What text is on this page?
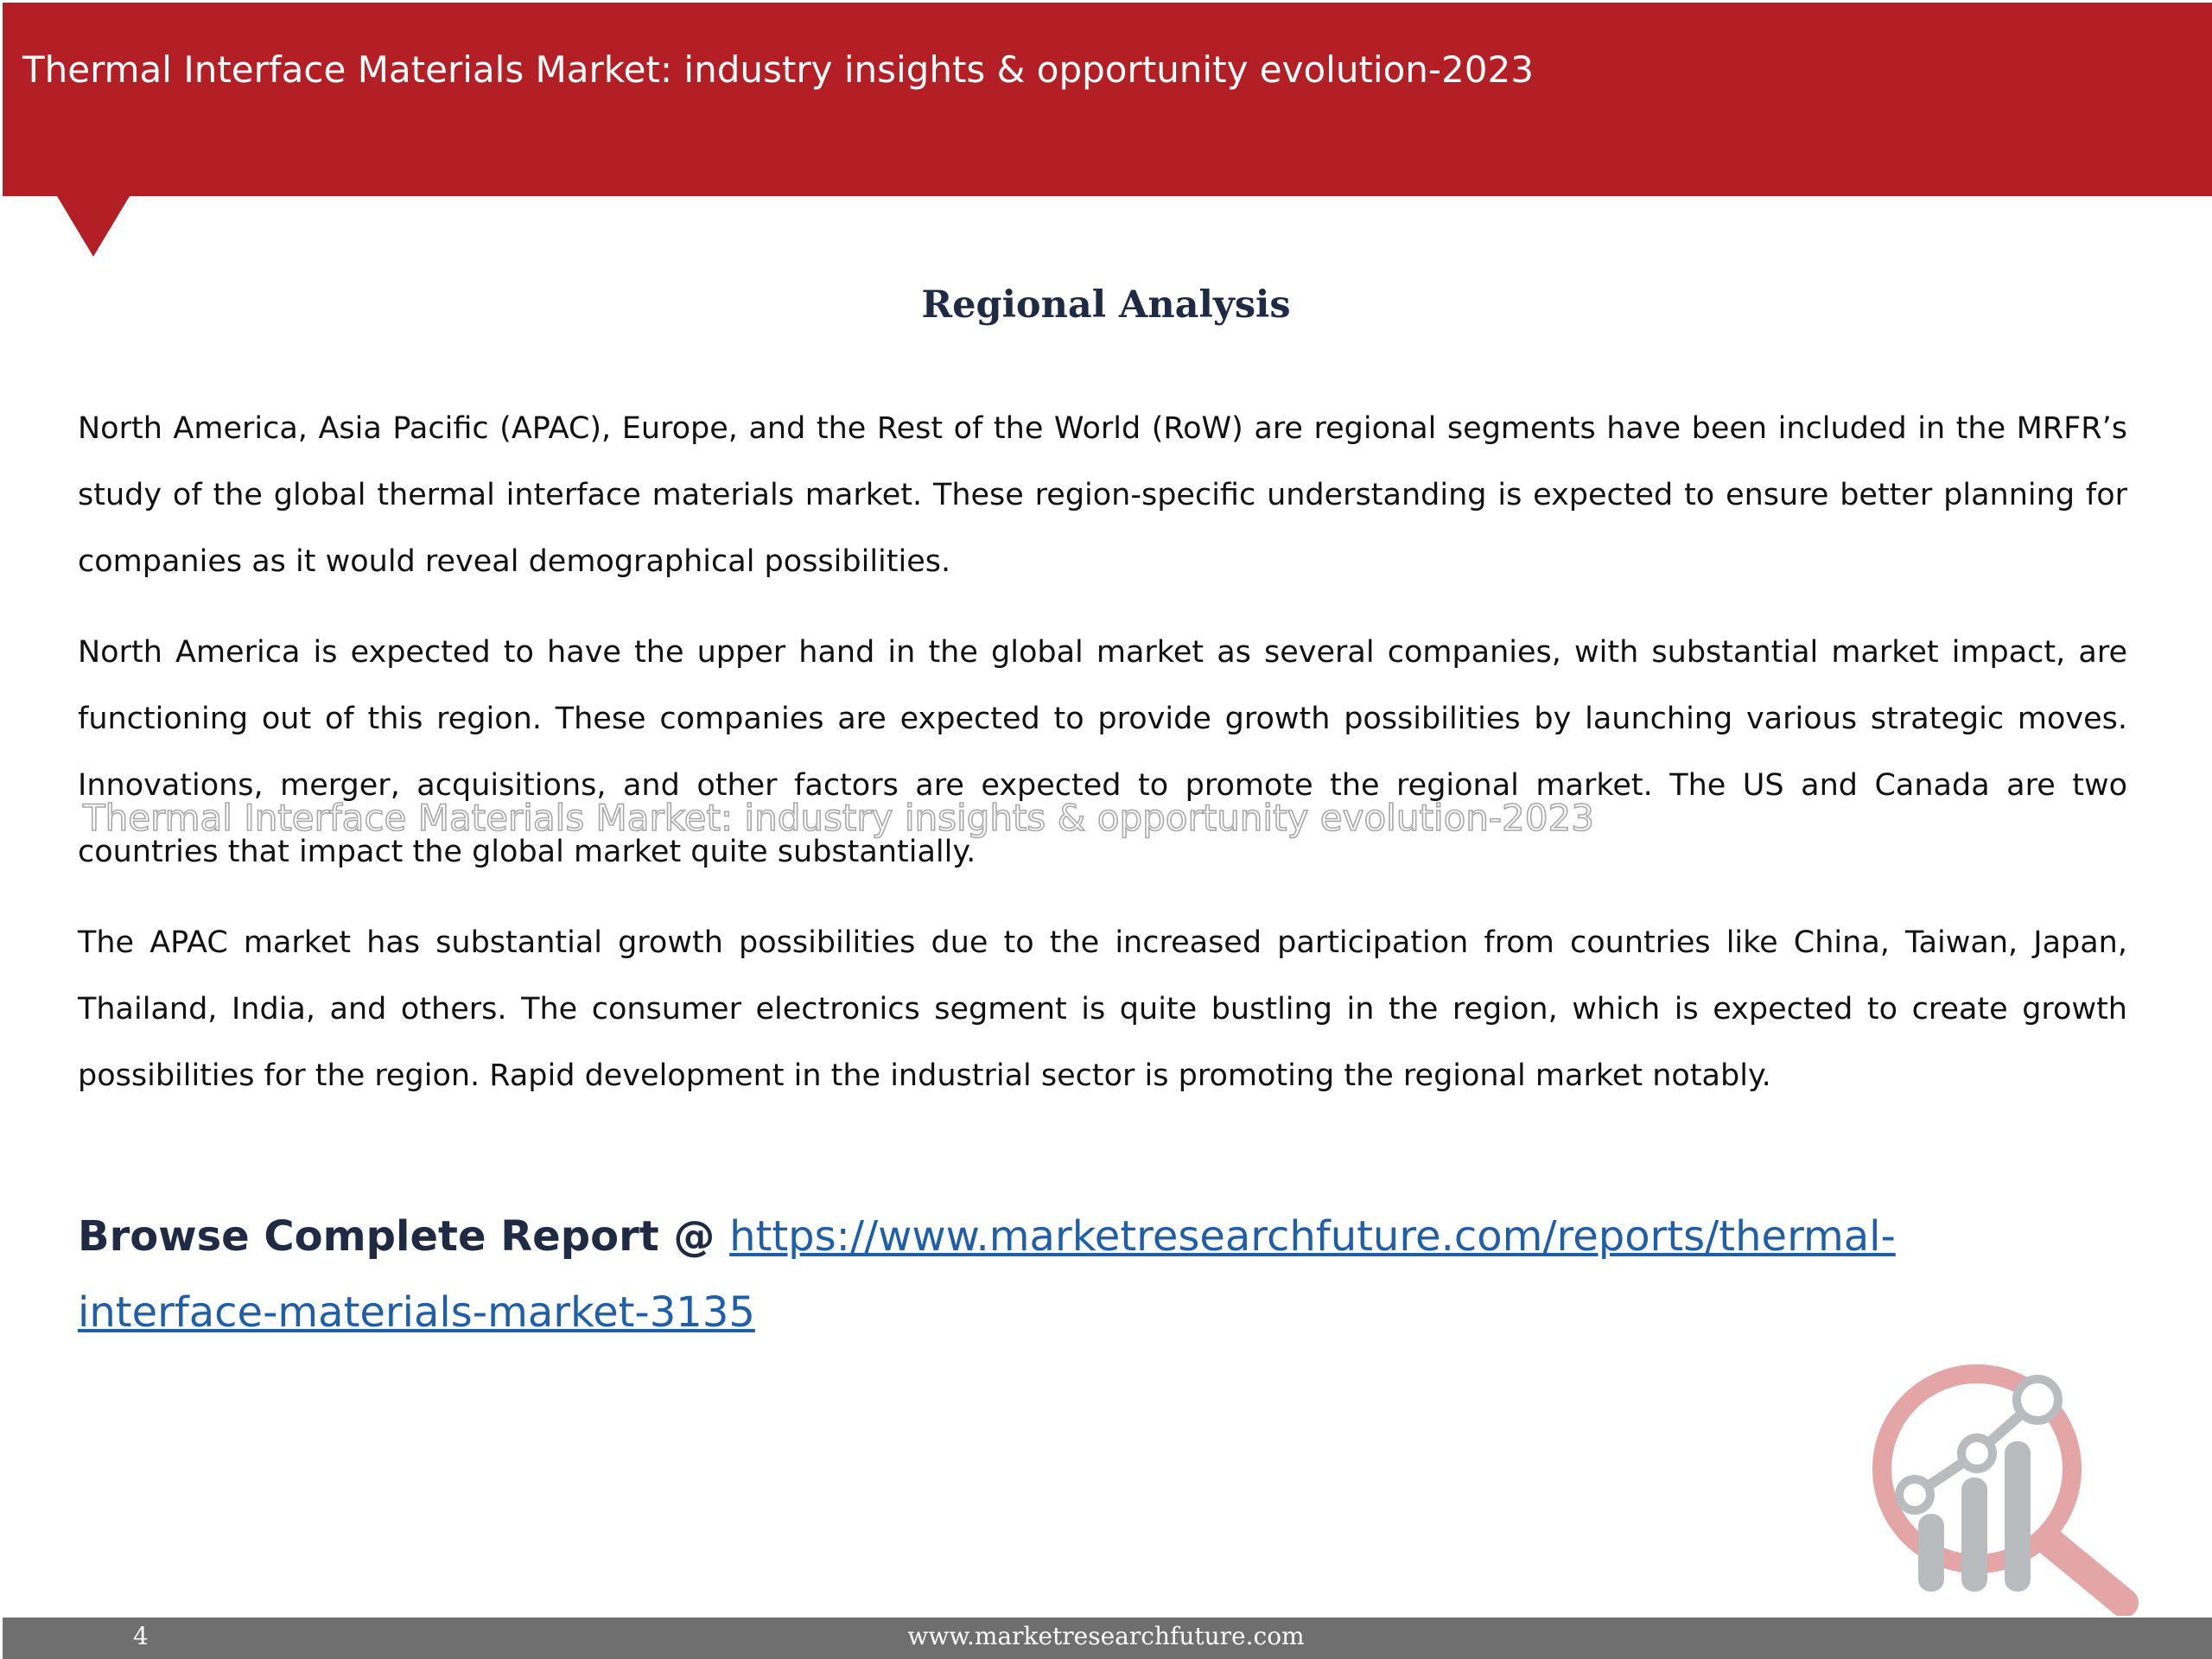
Thermal Interface Materials Market: industry insights & opportunity evolution-2023
Regional Analysis

North America, Asia Pacific (APAC), Europe, and the Rest of the World (RoW) are regional segments have been included in the MRFR’s study of the global thermal interface materials market. These region-specific understanding is expected to ensure better planning for companies as it would reveal demographical possibilities.

North America is expected to have the upper hand in the global market as several companies, with substantial market impact, are functioning out of this region. These companies are expected to provide growth possibilities by launching various strategic moves. Innovations, merger, acquisitions, and other factors are expected to promote the regional market. The US and Canada are two countries that impact the global market quite substantially.

The APAC market has substantial growth possibilities due to the increased participation from countries like China, Taiwan, Japan, Thailand, India, and others. The consumer electronics segment is quite bustling in the region, which is expected to create growth possibilities for the region. Rapid development in the industrial sector is promoting the regional market notably.

Thermal Interface Materials Market: industry insights & opportunity evolution-2023

Browse Complete Report @ https://www.marketresearchfuture.com/reports/thermal-interface-materials-market-3135

4	www.marketresearchfuture.com
